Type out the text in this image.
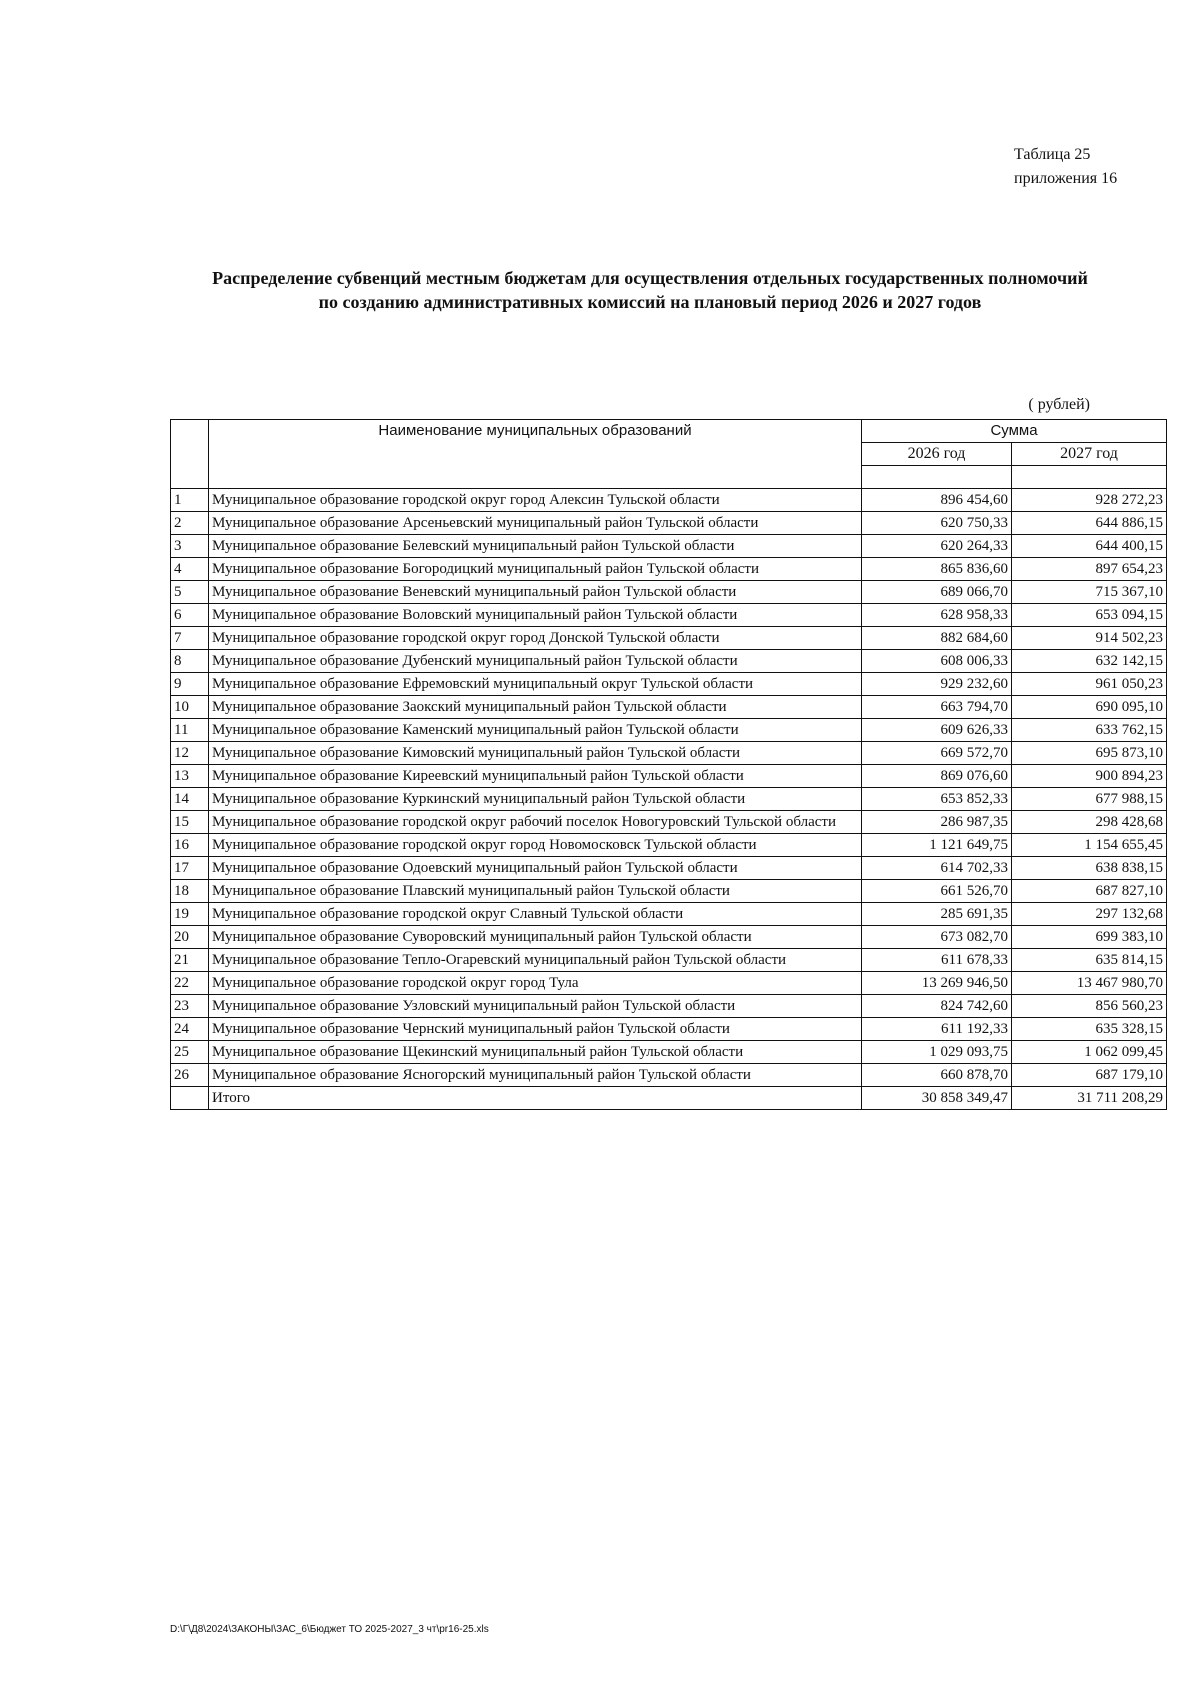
Таблица 25
приложения 16
Распределение субвенций местным бюджетам для осуществления отдельных государственных полномочий
по созданию административных комиссий на плановый период 2026 и 2027 годов
( рублей)
	Наименование муниципальных образований	Сумма	
		2026 год	2027 год

1	Муниципальное образование городской округ город Алексин Тульской области	896 454,60	928 272,23
2	Муниципальное образование Арсеньевский муниципальный район Тульской области	620 750,33	644 886,15
3	Муниципальное образование Белевский муниципальный район Тульской области	620 264,33	644 400,15
4	Муниципальное образование Богородицкий муниципальный район Тульской области	865 836,60	897 654,23
5	Муниципальное образование Веневский муниципальный район Тульской области	689 066,70	715 367,10
6	Муниципальное образование Воловский муниципальный район Тульской области	628 958,33	653 094,15
7	Муниципальное образование городской округ город Донской Тульской области	882 684,60	914 502,23
8	Муниципальное образование Дубенский муниципальный район Тульской области	608 006,33	632 142,15
9	Муниципальное образование Ефремовский муниципальный округ Тульской области	929 232,60	961 050,23
10	Муниципальное образование Заокский муниципальный район Тульской области	663 794,70	690 095,10
11	Муниципальное образование Каменский муниципальный район Тульской области	609 626,33	633 762,15
12	Муниципальное образование Кимовский муниципальный район Тульской области	669 572,70	695 873,10
13	Муниципальное образование Киреевский муниципальный район Тульской области	869 076,60	900 894,23
14	Муниципальное образование Куркинский муниципальный район Тульской области	653 852,33	677 988,15
15	Муниципальное образование городской округ рабочий поселок Новогуровский Тульской области	286 987,35	298 428,68
16	Муниципальное образование городской округ город Новомосковск Тульской области	1 121 649,75	1 154 655,45
17	Муниципальное образование Одоевский муниципальный район Тульской области	614 702,33	638 838,15
18	Муниципальное образование Плавский муниципальный район Тульской области	661 526,70	687 827,10
19	Муниципальное образование городской округ Славный Тульской области	285 691,35	297 132,68
20	Муниципальное образование Суворовский муниципальный район Тульской области	673 082,70	699 383,10
21	Муниципальное образование Тепло-Огаревский муниципальный район Тульской области	611 678,33	635 814,15
22	Муниципальное образование городской округ город Тула	13 269 946,50	13 467 980,70
23	Муниципальное образование Узловский муниципальный район Тульской области	824 742,60	856 560,23
24	Муниципальное образование Чернский муниципальный район Тульской области	611 192,33	635 328,15
25	Муниципальное образование Щекинский муниципальный район Тульской области	1 029 093,75	1 062 099,45
26	Муниципальное образование Ясногорский муниципальный район Тульской области	660 878,70	687 179,10
	Итого	30 858 349,47	31 711 208,29
D:\Г\Д8\2024\ЗАКОНЫ\ЗАС_6\Бюджет ТО 2025-2027_3 чт\pr16-25.xls
